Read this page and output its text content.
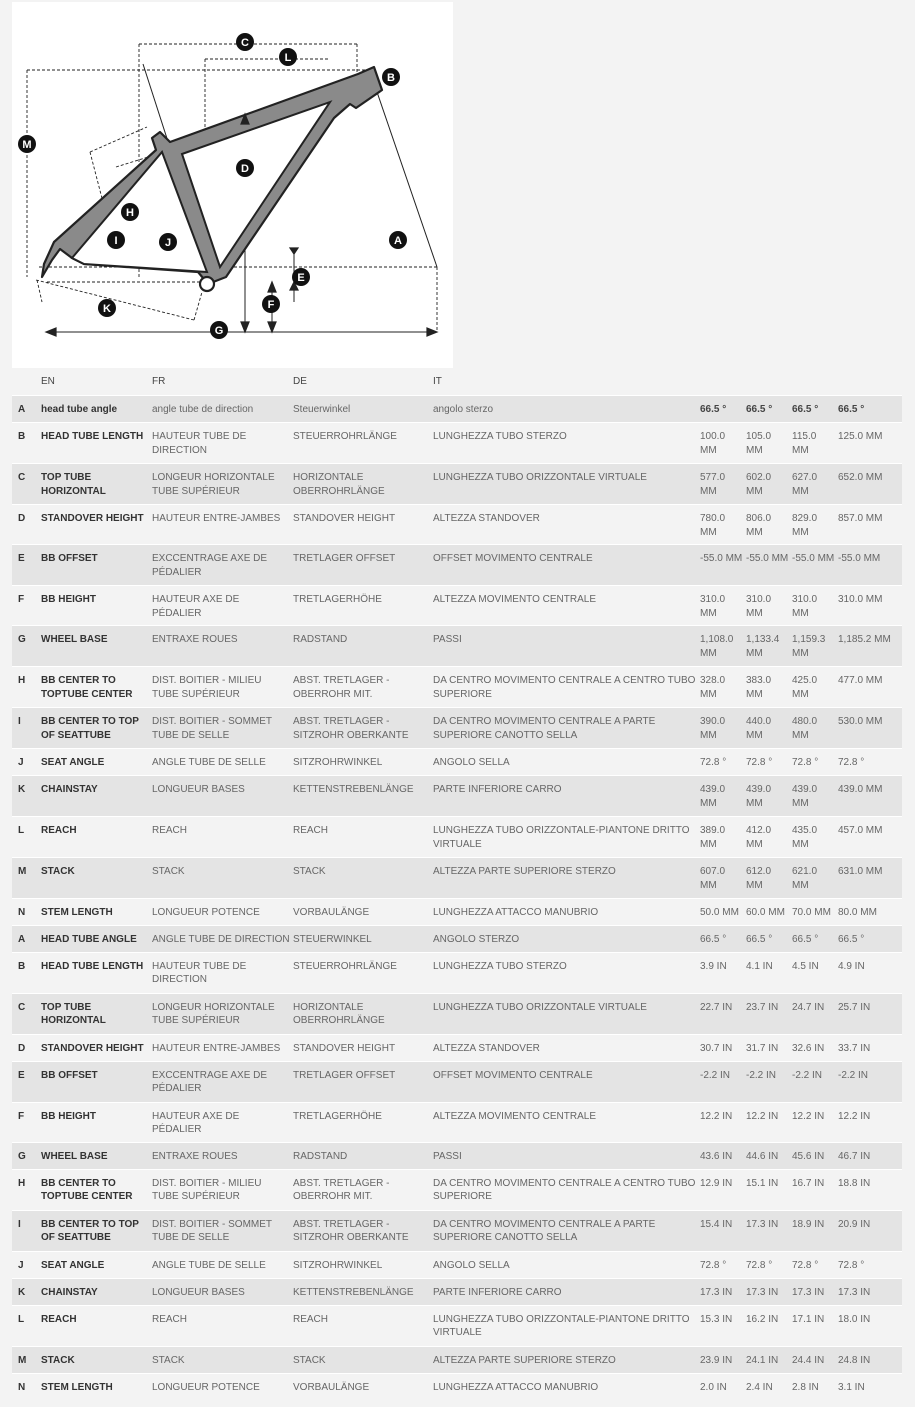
C
L
B
M
D
H
I	J	A
E
F
K
G
	EN	FR	DE	IT				
A	head tube angle	angle tube de direction	Steuerwinkel	angolo sterzo	66.5 °	66.5 °	66.5 °	66.5 °
B	HEAD TUBE LENGTH	HAUTEUR TUBE DE DIRECTION	STEUERROHRLÄNGE	LUNGHEZZA TUBO STERZO	100.0 MM	105.0 MM	115.0 MM	125.0 MM
C	TOP TUBE HORIZONTAL	LONGEUR HORIZONTALE TUBE SUPÉRIEUR	HORIZONTALE OBERROHRLÄNGE	LUNGHEZZA TUBO ORIZZONTALE VIRTUALE	577.0 MM	602.0 MM	627.0 MM	652.0 MM
D	STANDOVER HEIGHT	HAUTEUR ENTRE-JAMBES	STANDOVER HEIGHT	ALTEZZA STANDOVER	780.0 MM	806.0 MM	829.0 MM	857.0 MM
E	BB OFFSET	EXCCENTRAGE AXE DE PÉDALIER	TRETLAGER OFFSET	OFFSET MOVIMENTO CENTRALE	-55.0 MM	-55.0 MM	-55.0 MM	-55.0 MM
F	BB HEIGHT	HAUTEUR AXE DE PÉDALIER	TRETLAGERHÖHE	ALTEZZA MOVIMENTO CENTRALE	310.0 MM	310.0 MM	310.0 MM	310.0 MM
G	WHEEL BASE	ENTRAXE ROUES	RADSTAND	PASSI	1,108.0 MM	1,133.4 MM	1,159.3 MM	1,185.2 MM
H	BB CENTER TO TOPTUBE CENTER	DIST. BOITIER - MILIEU TUBE SUPÉRIEUR	ABST. TRETLAGER - OBERROHR MIT.	DA CENTRO MOVIMENTO CENTRALE A CENTRO TUBO SUPERIORE	328.0 MM	383.0 MM	425.0 MM	477.0 MM
I	BB CENTER TO TOP OF SEATTUBE	DIST. BOITIER - SOMMET TUBE DE SELLE	ABST. TRETLAGER - SITZROHR OBERKANTE	DA CENTRO MOVIMENTO CENTRALE A PARTE SUPERIORE CANOTTO SELLA	390.0 MM	440.0 MM	480.0 MM	530.0 MM
J	SEAT ANGLE	ANGLE TUBE DE SELLE	SITZROHRWINKEL	ANGOLO SELLA	72.8 °	72.8 °	72.8 °	72.8 °
K	CHAINSTAY	LONGUEUR BASES	KETTENSTREBENLÄNGE	PARTE INFERIORE CARRO	439.0 MM	439.0 MM	439.0 MM	439.0 MM
L	REACH	REACH	REACH	LUNGHEZZA TUBO ORIZZONTALE-PIANTONE DRITTO VIRTUALE	389.0 MM	412.0 MM	435.0 MM	457.0 MM
M	STACK	STACK	STACK	ALTEZZA PARTE SUPERIORE STERZO	607.0 MM	612.0 MM	621.0 MM	631.0 MM
N	STEM LENGTH	LONGUEUR POTENCE	VORBAULÄNGE	LUNGHEZZA ATTACCO MANUBRIO	50.0 MM	60.0 MM	70.0 MM	80.0 MM
A	HEAD TUBE ANGLE	ANGLE TUBE DE DIRECTION	STEUERWINKEL	ANGOLO STERZO	66.5 °	66.5 °	66.5 °	66.5 °
B	HEAD TUBE LENGTH	HAUTEUR TUBE DE DIRECTION	STEUERROHRLÄNGE	LUNGHEZZA TUBO STERZO	3.9 IN	4.1 IN	4.5 IN	4.9 IN
C	TOP TUBE HORIZONTAL	LONGEUR HORIZONTALE TUBE SUPÉRIEUR	HORIZONTALE OBERROHRLÄNGE	LUNGHEZZA TUBO ORIZZONTALE VIRTUALE	22.7 IN	23.7 IN	24.7 IN	25.7 IN
D	STANDOVER HEIGHT	HAUTEUR ENTRE-JAMBES	STANDOVER HEIGHT	ALTEZZA STANDOVER	30.7 IN	31.7 IN	32.6 IN	33.7 IN
E	BB OFFSET	EXCCENTRAGE AXE DE PÉDALIER	TRETLAGER OFFSET	OFFSET MOVIMENTO CENTRALE	-2.2 IN	-2.2 IN	-2.2 IN	-2.2 IN
F	BB HEIGHT	HAUTEUR AXE DE PÉDALIER	TRETLAGERHÖHE	ALTEZZA MOVIMENTO CENTRALE	12.2 IN	12.2 IN	12.2 IN	12.2 IN
G	WHEEL BASE	ENTRAXE ROUES	RADSTAND	PASSI	43.6 IN	44.6 IN	45.6 IN	46.7 IN
H	BB CENTER TO TOPTUBE CENTER	DIST. BOITIER - MILIEU TUBE SUPÉRIEUR	ABST. TRETLAGER - OBERROHR MIT.	DA CENTRO MOVIMENTO CENTRALE A CENTRO TUBO SUPERIORE	12.9 IN	15.1 IN	16.7 IN	18.8 IN
I	BB CENTER TO TOP OF SEATTUBE	DIST. BOITIER - SOMMET TUBE DE SELLE	ABST. TRETLAGER - SITZROHR OBERKANTE	DA CENTRO MOVIMENTO CENTRALE A PARTE SUPERIORE CANOTTO SELLA	15.4 IN	17.3 IN	18.9 IN	20.9 IN
J	SEAT ANGLE	ANGLE TUBE DE SELLE	SITZROHRWINKEL	ANGOLO SELLA	72.8 °	72.8 °	72.8 °	72.8 °
K	CHAINSTAY	LONGUEUR BASES	KETTENSTREBENLÄNGE	PARTE INFERIORE CARRO	17.3 IN	17.3 IN	17.3 IN	17.3 IN
L	REACH	REACH	REACH	LUNGHEZZA TUBO ORIZZONTALE-PIANTONE DRITTO VIRTUALE	15.3 IN	16.2 IN	17.1 IN	18.0 IN
M	STACK	STACK	STACK	ALTEZZA PARTE SUPERIORE STERZO	23.9 IN	24.1 IN	24.4 IN	24.8 IN
N	STEM LENGTH	LONGUEUR POTENCE	VORBAULÄNGE	LUNGHEZZA ATTACCO MANUBRIO	2.0 IN	2.4 IN	2.8 IN	3.1 IN
